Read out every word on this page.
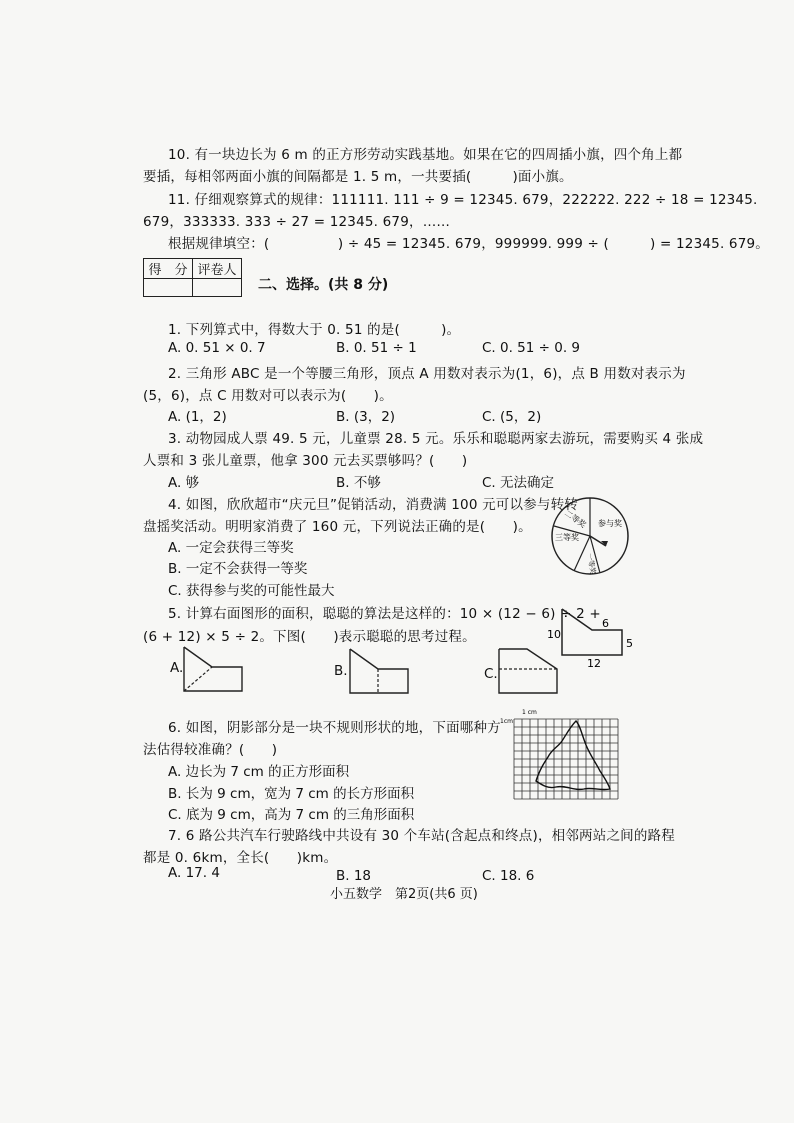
10. 有一块边长为 6 m 的正方形劳动实践基地。如果在它的四周插小旗，四个角上都
要插，每相邻两面小旗的间隔都是 1. 5 m，一共要插(　　　)面小旗。
11. 仔细观察算式的规律：111111. 111 ÷ 9 = 12345. 679，222222. 222 ÷ 18 = 12345.
679，333333. 333 ÷ 27 = 12345. 679，……
根据规律填空：(　　　　　) ÷ 45 = 12345. 679，999999. 999 ÷ (　　　) = 12345. 679。
得　分	评卷人

二、选择。(共 8 分)
1. 下列算式中，得数大于 0. 51 的是(　　　)。
A. 0. 51 × 0. 7	B. 0. 51 ÷ 1	C. 0. 51 ÷ 0. 9
2. 三角形 ABC 是一个等腰三角形，顶点 A 用数对表示为(1，6)，点 B 用数对表示为
(5，6)，点 C 用数对可以表示为(　　)。
A. (1，2)	B. (3，2)	C. (5，2)
3. 动物园成人票 49. 5 元，儿童票 28. 5 元。乐乐和聪聪两家去游玩，需要购买 4 张成
人票和 3 张儿童票，他拿 300 元去买票够吗？(　　)
A. 够	B. 不够	C. 无法确定
4. 如图，欣欣超市“庆元旦”促销活动，消费满 100 元可以参与转转
盘摇奖活动。明明家消费了 160 元，下列说法正确的是(　　)。
A. 一定会获得三等奖
B. 一定不会获得一等奖
C. 获得参与奖的可能性最大
二等奖
三等奖
参与奖
一等奖
5. 计算右面图形的面积，聪聪的算法是这样的：10 × (12 − 6) ÷ 2 +
(6 + 12) × 5 ÷ 2。下图(　　)表示聪聪的思考过程。	10
6
5
12
A.	B.	C.
6. 如图，阴影部分是一块不规则形状的地，下面哪种方
法估得较准确？(　　)
A. 边长为 7 cm 的正方形面积
B. 长为 9 cm，宽为 7 cm 的长方形面积
C. 底为 9 cm，高为 7 cm 的三角形面积
1 cm
1cm
7. 6 路公共汽车行驶路线中共设有 30 个车站(含起点和终点)，相邻两站之间的路程
都是 0. 6km，全长(　　)km。
A. 17. 4	B. 18	C. 18. 6
小五数学　第2页(共6 页)
